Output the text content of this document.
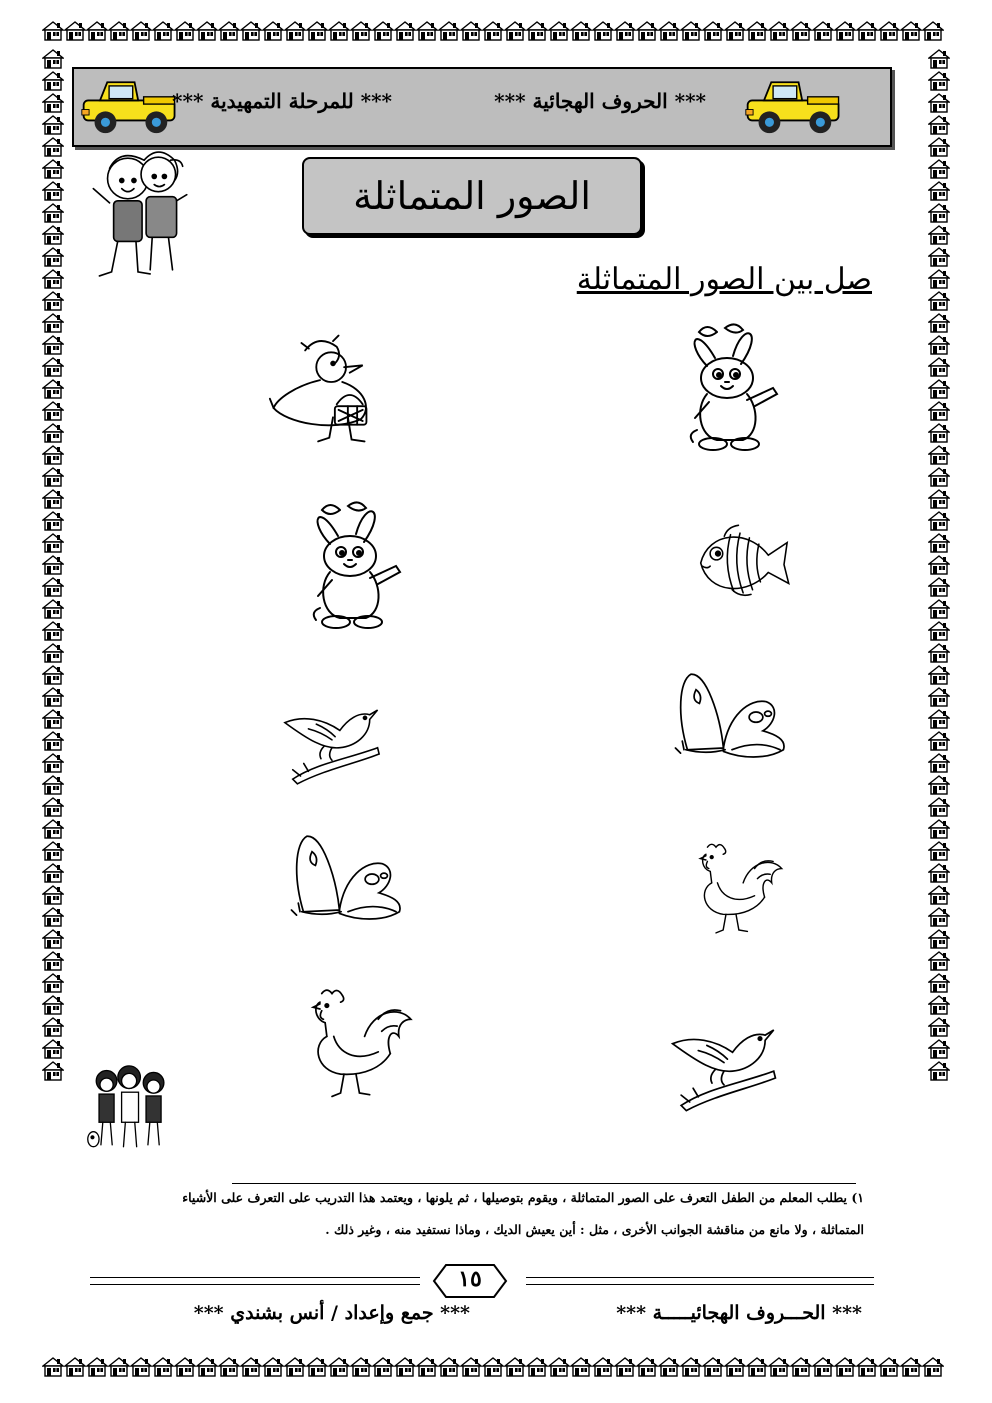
*** الحروف الهجائية ***
*** للمرحلة التمهيدية ***
الصور المتماثلة
صل بين الصور المتماثلة
١) يطلب المعلم من الطفل التعرف على الصور المتماثلة ، ويقوم بتوصيلها ، ثم يلونها ، ويعتمد هذا التدريب على التعرف على الأشياء
المتماثلة ، ولا مانع من مناقشة الجوانب الأخرى ، مثل : أين يعيش الديك ، وماذا نستفيد منه ، وغير ذلك .
١٥
*** الحـــروف الهجائيـــــة ***
*** جمع وإعداد / أنس بشندي ***
